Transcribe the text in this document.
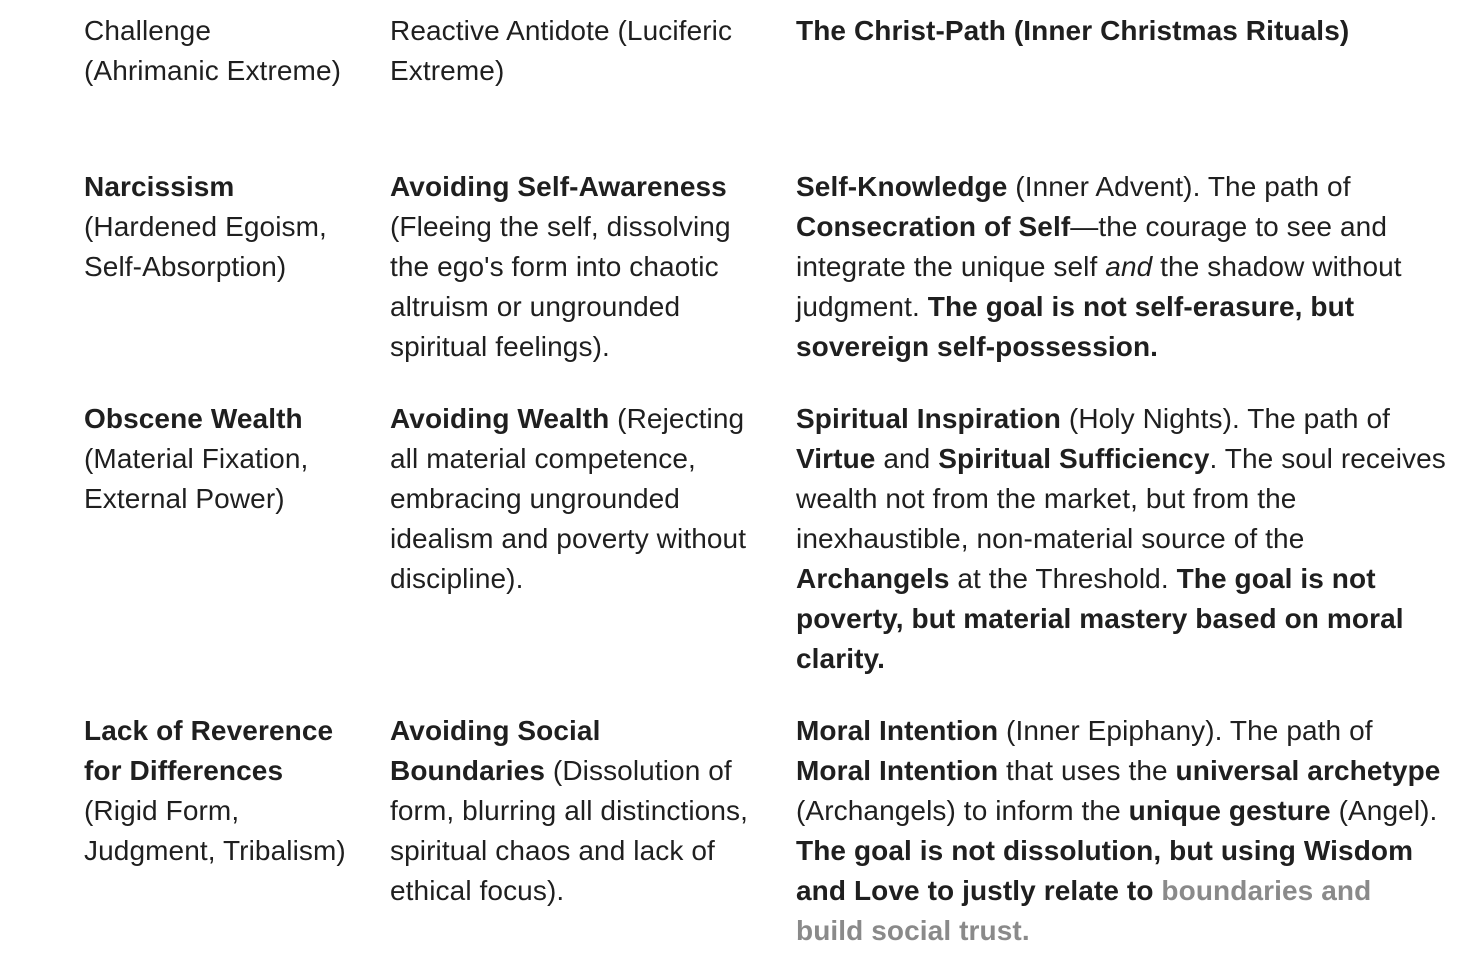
Challenge (Ahrimanic Extreme)
Reactive Antidote (Luciferic Extreme)
The Christ-Path (Inner Christmas Rituals)
Narcissism
(Hardened Egoism, Self-Absorption)
Avoiding Self-Awareness
(Fleeing the self, dissolving the ego's form into chaotic altruism or ungrounded spiritual feelings).
Self-Knowledge (Inner Advent). The path of Consecration of Self—the courage to see and integrate the unique self and the shadow without judgment. The goal is not self-erasure, but sovereign self-possession.
Obscene Wealth
(Material Fixation, External Power)
Avoiding Wealth (Rejecting all material competence, embracing ungrounded idealism and poverty without discipline).
Spiritual Inspiration (Holy Nights). The path of Virtue and Spiritual Sufficiency. The soul receives wealth not from the market, but from the inexhaustible, non-material source of the Archangels at the Threshold. The goal is not poverty, but material mastery based on moral clarity.
Lack of Reverence for Differences
(Rigid Form, Judgment, Tribalism)
Avoiding Social Boundaries (Dissolution of form, blurring all distinctions, spiritual chaos and lack of ethical focus).
Moral Intention (Inner Epiphany). The path of Moral Intention that uses the universal archetype (Archangels) to inform the unique gesture (Angel). The goal is not dissolution, but using Wisdom and Love to justly relate to boundaries and build social trust.
